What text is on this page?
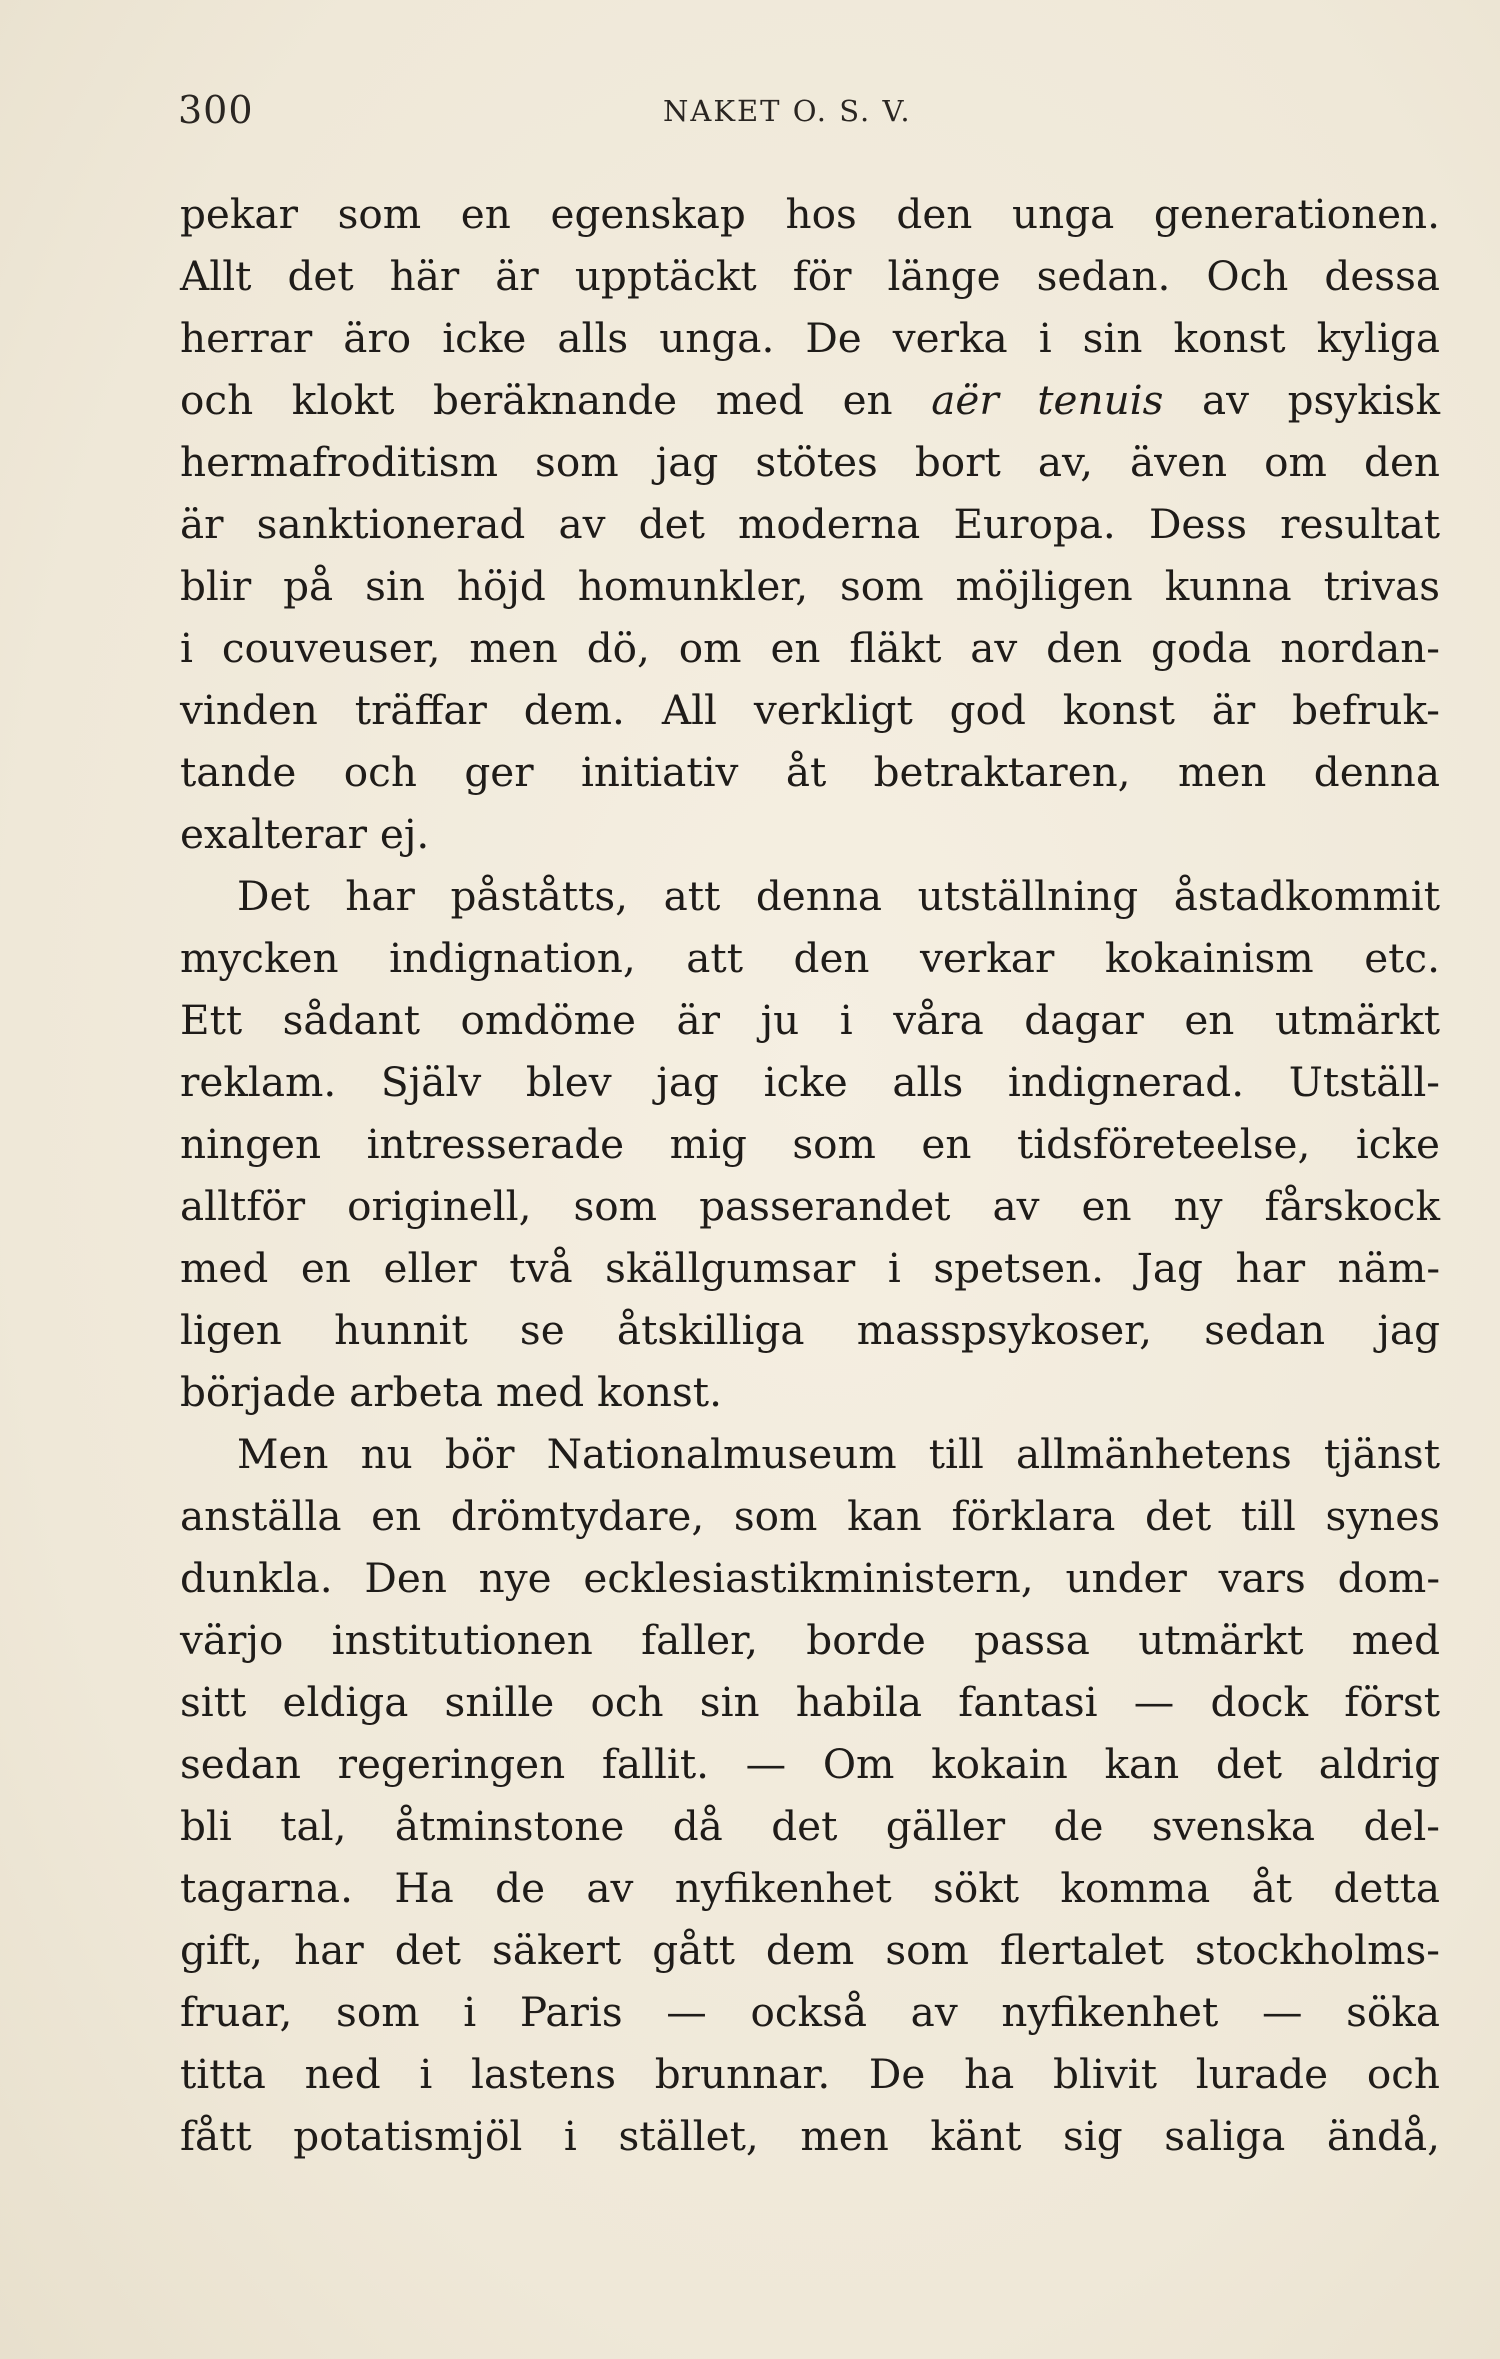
300	NAKET O. S. V.
pekar som en egenskap hos den unga generationen.
Allt det här är upptäckt för länge sedan. Och dessa
herrar äro icke alls unga. De verka i sin konst kyliga
och klokt beräknande med en aër tenuis av psykisk
hermafroditism som jag stötes bort av, även om den
är sanktionerad av det moderna Europa. Dess resultat
blir på sin höjd homunkler, som möjligen kunna trivas
i couveuser, men dö, om en fläkt av den goda nordan-
vinden träffar dem. All verkligt god konst är befruk-
tande och ger initiativ åt betraktaren, men denna
exalterar ej.
Det har påståtts, att denna utställning åstadkommit
mycken indignation, att den verkar kokainism etc.
Ett sådant omdöme är ju i våra dagar en utmärkt
reklam. Själv blev jag icke alls indignerad. Utställ-
ningen intresserade mig som en tidsföreteelse, icke
alltför originell, som passerandet av en ny fårskock
med en eller två skällgumsar i spetsen. Jag har näm-
ligen hunnit se åtskilliga masspsykoser, sedan jag
började arbeta med konst.
Men nu bör Nationalmuseum till allmänhetens tjänst
anställa en drömtydare, som kan förklara det till synes
dunkla. Den nye ecklesiastikministern, under vars dom-
värjo institutionen faller, borde passa utmärkt med
sitt eldiga snille och sin habila fantasi — dock först
sedan regeringen fallit. — Om kokain kan det aldrig
bli tal, åtminstone då det gäller de svenska del-
tagarna. Ha de av nyfikenhet sökt komma åt detta
gift, har det säkert gått dem som flertalet stockholms-
fruar, som i Paris — också av nyfikenhet — söka
titta ned i lastens brunnar. De ha blivit lurade och
fått potatismjöl i stället, men känt sig saliga ändå,
